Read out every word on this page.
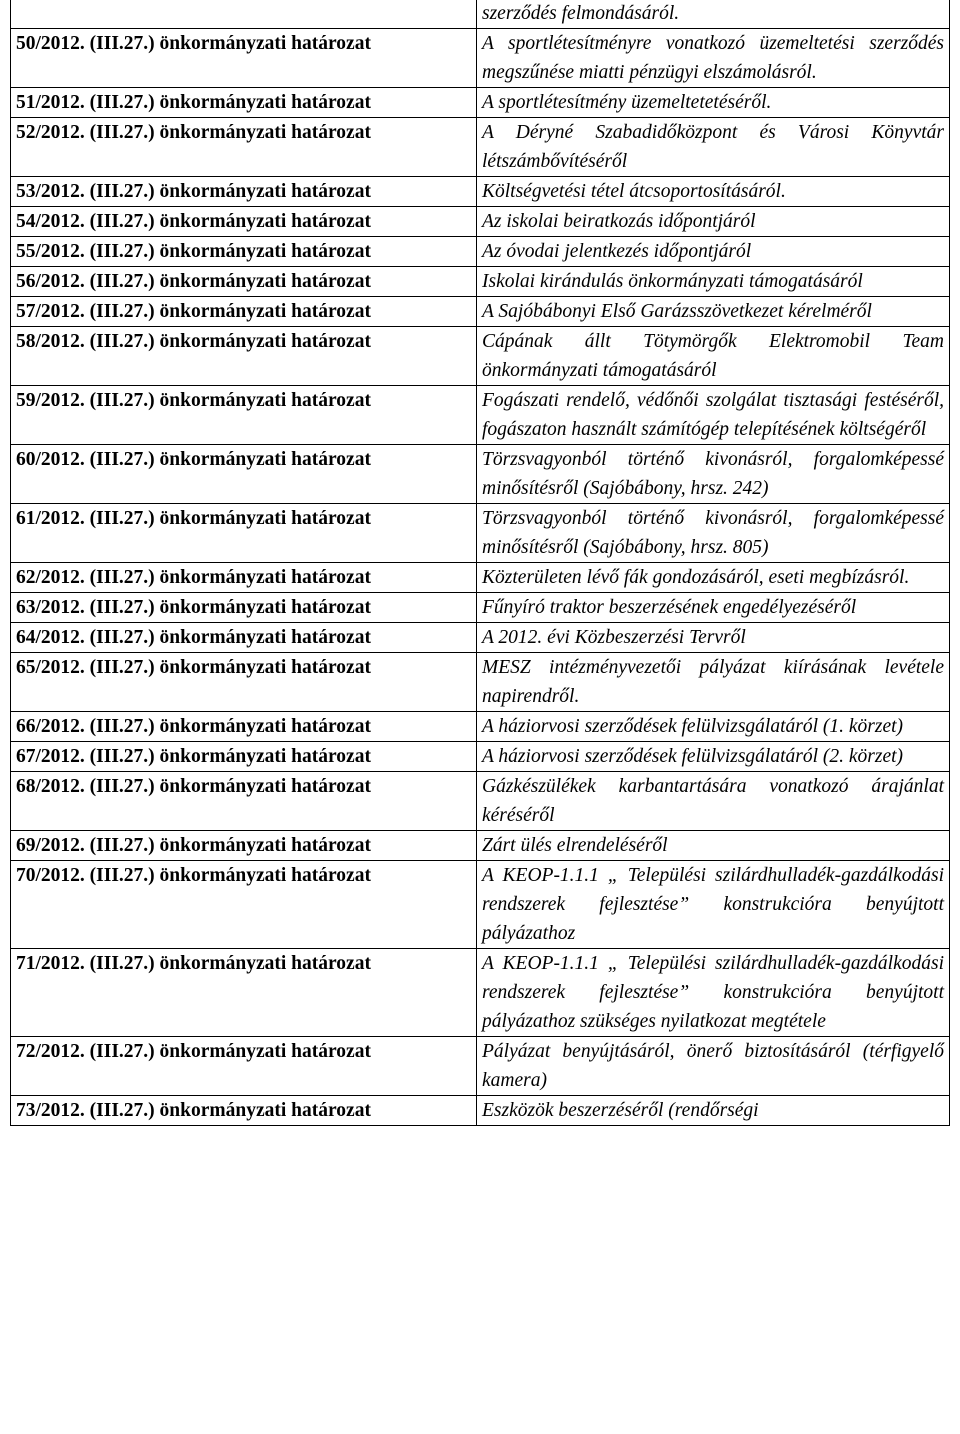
	szerződés felmondásáról.
50/2012. (III.27.) önkormányzati határozat	A sportlétesítményre vonatkozó üzemeltetési szerződés megszűnése miatti pénzügyi elszámolásról.
51/2012. (III.27.) önkormányzati határozat	A sportlétesítmény üzemeltetetéséről.
52/2012. (III.27.) önkormányzati határozat	A Déryné Szabadidőközpont és Városi Könyvtár létszámbővítéséről
53/2012. (III.27.) önkormányzati határozat	Költségvetési tétel átcsoportosításáról.
54/2012. (III.27.) önkormányzati határozat	Az iskolai beiratkozás időpontjáról
55/2012. (III.27.) önkormányzati határozat	Az óvodai jelentkezés időpontjáról
56/2012. (III.27.) önkormányzati határozat	Iskolai kirándulás önkormányzati támogatásáról
57/2012. (III.27.) önkormányzati határozat	A Sajóbábonyi Első Garázsszövetkezet kérelméről
58/2012. (III.27.) önkormányzati határozat	Cápának állt Tötymörgők Elektromobil Team önkormányzati támogatásáról
59/2012. (III.27.) önkormányzati határozat	Fogászati rendelő, védőnői szolgálat tisztasági festéséről, fogászaton használt számítógép telepítésének költségéről
60/2012. (III.27.) önkormányzati határozat	Törzsvagyonból történő kivonásról, forgalomképessé minősítésről (Sajóbábony, hrsz. 242)
61/2012. (III.27.) önkormányzati határozat	Törzsvagyonból történő kivonásról, forgalomképessé minősítésről (Sajóbábony, hrsz. 805)
62/2012. (III.27.) önkormányzati határozat	Közterületen lévő fák gondozásáról, eseti megbízásról.
63/2012. (III.27.) önkormányzati határozat	Fűnyíró traktor beszerzésének engedélyezéséről
64/2012. (III.27.) önkormányzati határozat	A 2012. évi Közbeszerzési Tervről
65/2012. (III.27.) önkormányzati határozat	MESZ intézményvezetői pályázat kiírásának levétele napirendről.
66/2012. (III.27.) önkormányzati határozat	A háziorvosi szerződések felülvizsgálatáról (1. körzet)
67/2012. (III.27.) önkormányzati határozat	A háziorvosi szerződések felülvizsgálatáról (2. körzet)
68/2012. (III.27.) önkormányzati határozat	Gázkészülékek karbantartására vonatkozó árajánlat kéréséről
69/2012. (III.27.) önkormányzati határozat	Zárt ülés elrendeléséről
70/2012. (III.27.) önkormányzati határozat	A KEOP-1.1.1 „ Települési szilárdhulladék-gazdálkodási rendszerek fejlesztése” konstrukcióra benyújtott pályázathoz
71/2012. (III.27.) önkormányzati határozat	A KEOP-1.1.1 „ Települési szilárdhulladék-gazdálkodási rendszerek fejlesztése” konstrukcióra benyújtott pályázathoz szükséges nyilatkozat megtétele
72/2012. (III.27.) önkormányzati határozat	Pályázat benyújtásáról, önerő biztosításáról (térfigyelő kamera)
73/2012. (III.27.) önkormányzati határozat	Eszközök beszerzéséről (rendőrségi
